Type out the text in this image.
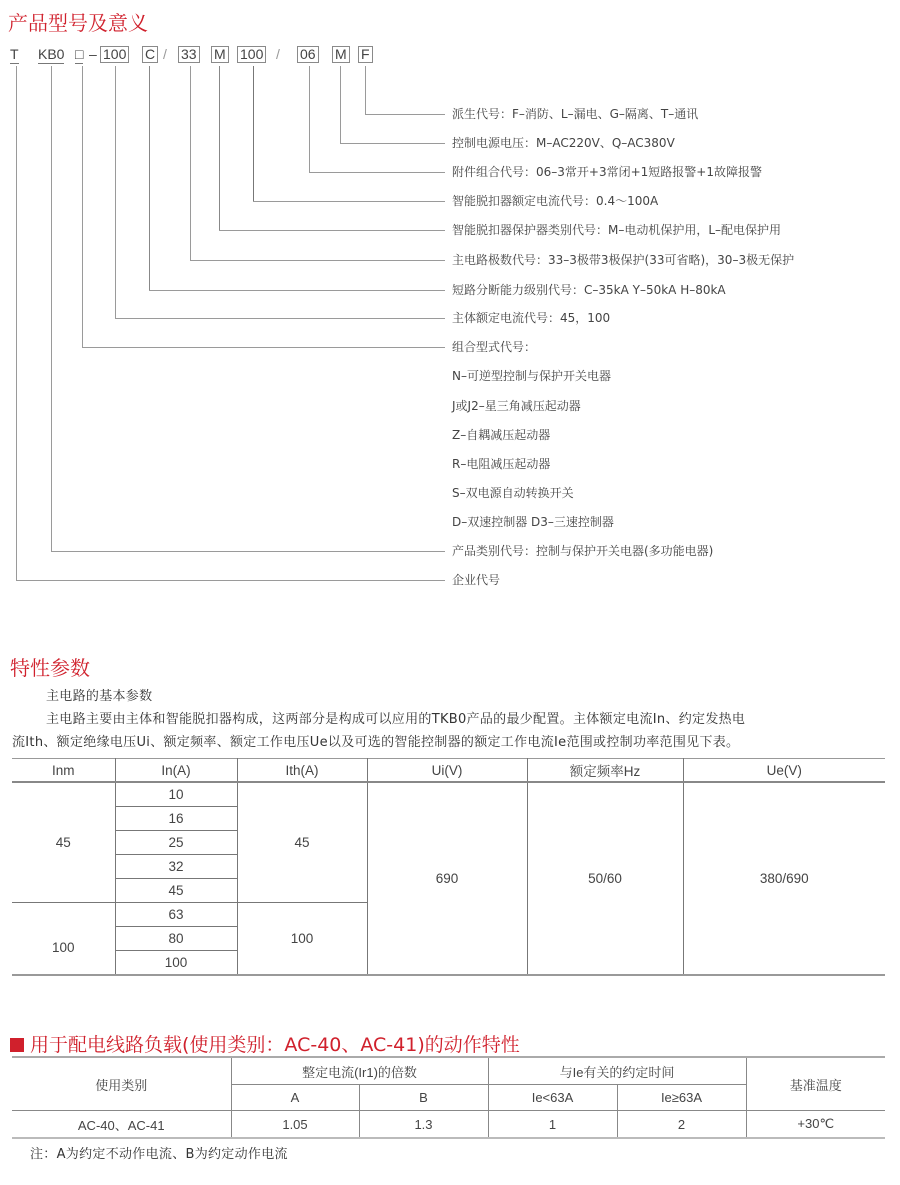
产品型号及意义
T KB0 □ – 100 C / 33 M 100 / 06 M F
派生代号：F–消防、L–漏电、G–隔离、T–通讯
控制电源电压：M–AC220V、Q–AC380V
附件组合代号：06–3常开+3常闭+1短路报警+1故障报警
智能脱扣器额定电流代号：0.4～100A
智能脱扣器保护器类别代号：M–电动机保护用，L–配电保护用
主电路极数代号：33–3极带3极保护(33可省略)，30–3极无保护
短路分断能力级别代号：C–35kA Y–50kA H–80kA
主体额定电流代号：45，100
组合型式代号：
N–可逆型控制与保护开关电器
J或J2–星三角减压起动器
Z–自耦减压起动器
R–电阻减压起动器
S–双电源自动转换开关
D–双速控制器 D3–三速控制器
产品类别代号：控制与保护开关电器(多功能电器)
企业代号
特性参数
主电路的基本参数
主电路主要由主体和智能脱扣器构成，这两部分是构成可以应用的TKB0产品的最少配置。主体额定电流In、约定发热电
流Ith、额定绝缘电压Ui、额定频率、额定工作电压Ue以及可选的智能控制器的额定工作电流Ie范围或控制功率范围见下表。
Inm	In(A)	Ith(A)	Ui(V)	额定频率Hz	Ue(V)
45	10	45	690	50/60	380/690
	16				
	25				
	32				
	45				
100	63	100			
	80				
	100				
用于配电线路负载(使用类别：AC-40、AC-41)的动作特性
使用类别	整定电流(Ir1)的倍数		与Ie有关的约定时间		基准温度
	A	B	Ie<63A	Ie≥63A	
AC-40、AC-41	1.05	1.3	1	2	+30℃
注：A为约定不动作电流、B为约定动作电流
